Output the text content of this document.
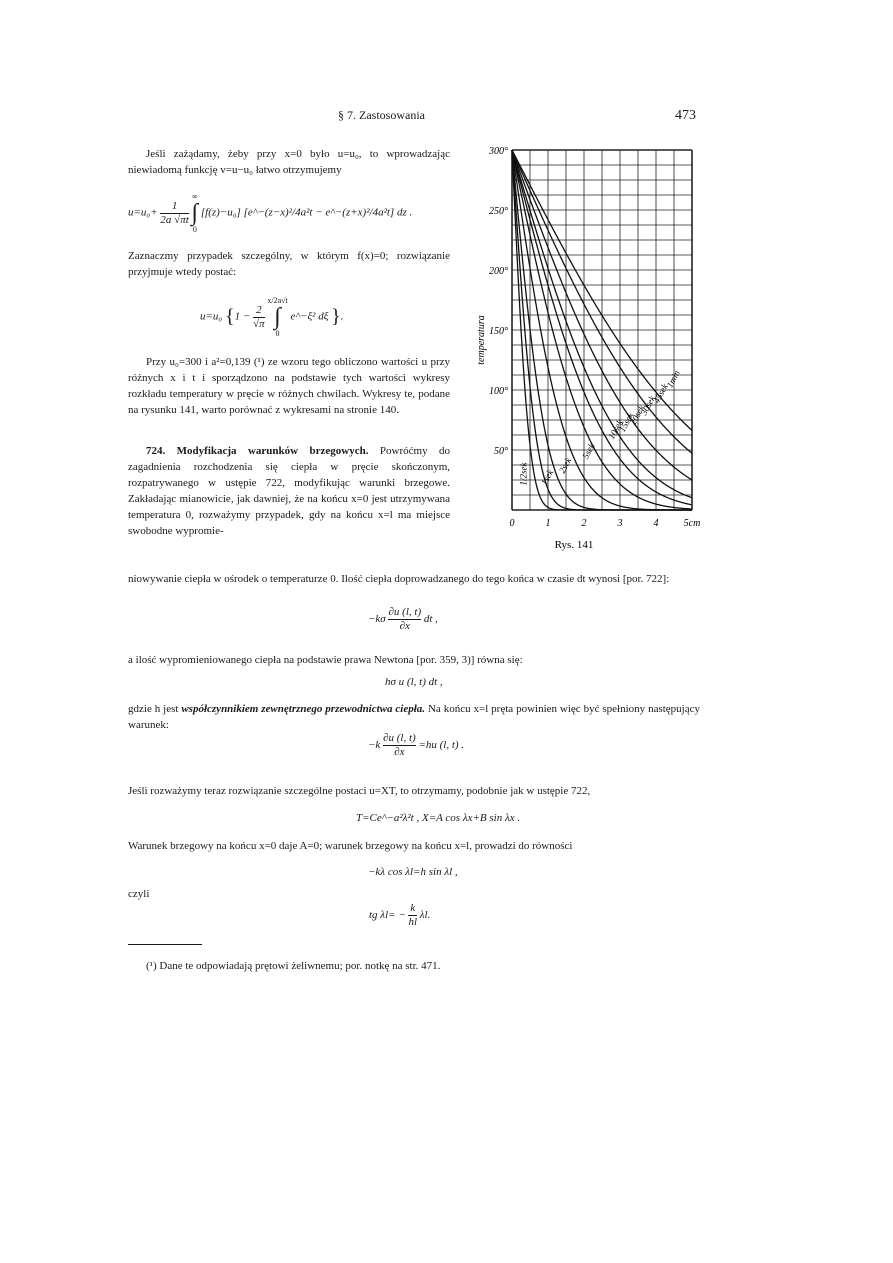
§ 7. Zastosowania	473
Jeśli zażądamy, żeby przy x=0 było u=u₀, to wprowadzając niewiadomą funkcję v=u−u₀ łatwo otrzymujemy
$u=u_0+ \frac{1}{2a √\pi t}$

∞
∫
0
[f(z)−u₀] [e^−(z−x)²/4a²t − e^−(z+x)²/4a²t] dz .
Zaznaczmy przypadek szczególny, w którym f(x)=0; rozwiązanie przyjmuje wtedy postać:
u=u₀ {$1 - \frac{2}{√\pi}$

x/2a√t
∫
0
e^−ξ² dξ }.
Przy u₀=300 i a²=0,139 (¹) ze wzoru tego obliczono wartości u przy różnych x i t i sporządzono na podstawie tych wartości wykresy rozkładu temperatury w pręcie w różnych chwilach. Wykresy te, podane na rysunku 141, warto porównać z wykresami na stronie 140.
724. Modyfikacja warunków brzegowych. Powróćmy do zagadnienia rozchodzenia się ciepła w pręcie skończonym, rozpatrywanego w ustępie 722, modyfikując warunki brzegowe. Zakładając mianowicie, jak dawniej, że na końcu x=0 jest utrzymywana temperatura 0, rozważymy przypadek, gdy na końcu x=l ma miejsce swobodne wypromie-
niowywanie ciepła w ośrodek o temperaturze 0. Ilość ciepła doprowadzanego do tego końca w czasie dt wynosi [por. 722]:
$-k\sigma \frac{\partial u (l, t)}{\partial x}$ dt ,
a ilość wypromieniowanego ciepła na podstawie prawa Newtona [por. 359, 3)] równa się:
hσ u (l, t) dt ,
gdzie h jest współczynnikiem zewnętrznego przewodnictwa ciepła. Na końcu x=l pręta powinien więc być spełniony następujący warunek:
$-k \frac{\partial u (l, t)}{\partial x} =hu$ (l, t) .
Jeśli rozważymy teraz rozwiązanie szczególne postaci u=XT, to otrzymamy, podobnie jak w ustępie 722,
T=Ce^−a²λ²t , X=A cos λx+B sin λx .
Warunek brzegowy na końcu x=0 daje A=0; warunek brzegowy na końcu x=l, prowadzi do równości
−kλ cos λl=h sin λl ,
czyli
tg $\lambda l= - \frac{k}{hl} \lambda l$.
(¹) Dane te odpowiadają prętowi żeliwnemu; por. notkę na str. 471.
300°
250°
200°
150°
100°
50°
0	1	2	3	4	5cm
1min
45sek
30sek
20sek
15sek
10sek
5sek
2sek
1sek
1/2sek
temperatura
Rys. 141
